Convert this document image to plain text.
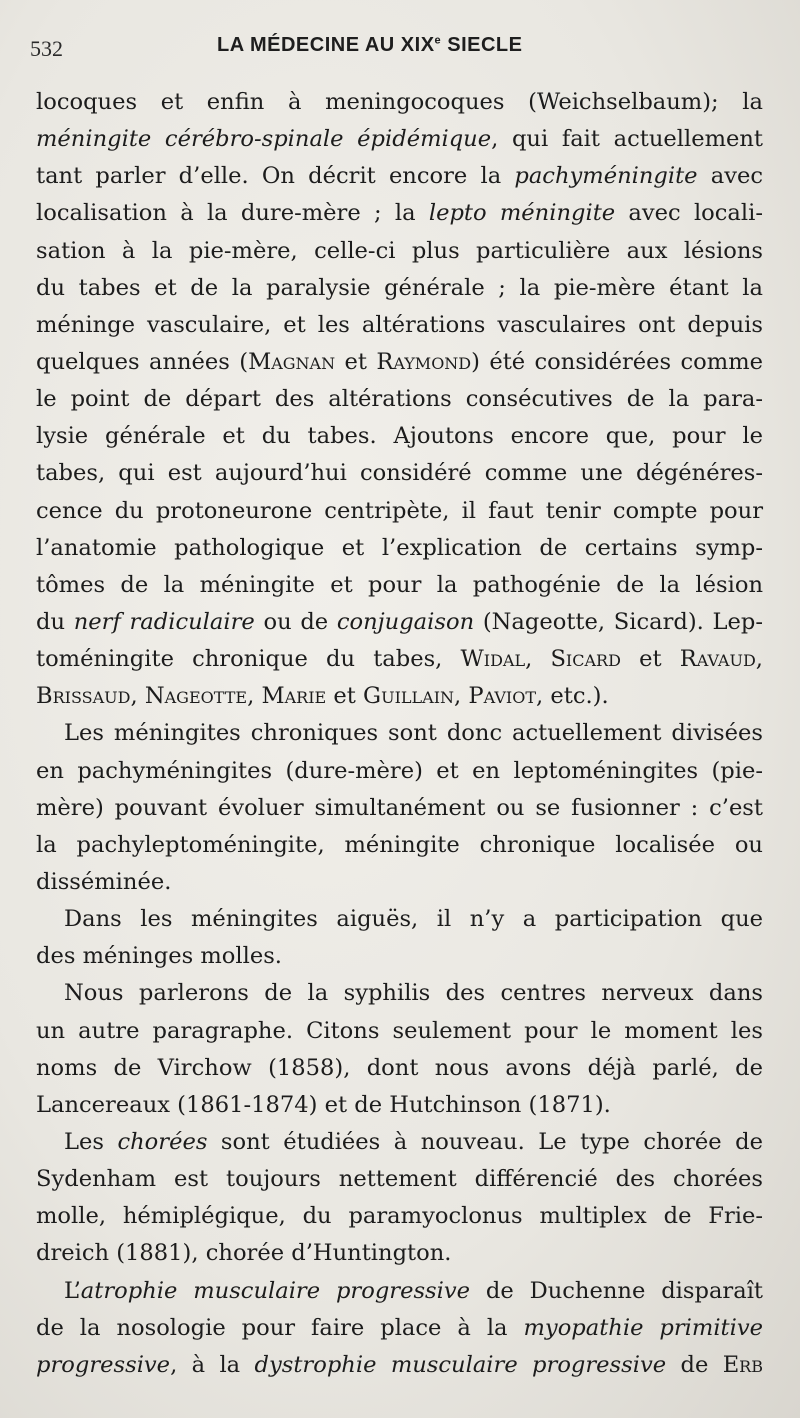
532	LA MÉDECINE AU XIXe SIECLE
locoques et enfin à meningocoques (Weichselbaum); la
méningite cérébro-spinale épidémique, qui fait actuellement
tant parler d’elle. On décrit encore la pachyméningite avec
localisation à la dure-mère ; la lepto méningite avec locali-
sation à la pie-mère, celle-ci plus particulière aux lésions
du tabes et de la paralysie générale ; la pie-mère étant la
méninge vasculaire, et les altérations vasculaires ont depuis
quelques années (Magnan et Raymond) été considérées comme
le point de départ des altérations consécutives de la para-
lysie générale et du tabes. Ajoutons encore que, pour le
tabes, qui est aujourd’hui considéré comme une dégénéres-
cence du protoneurone centripète, il faut tenir compte pour
l’anatomie pathologique et l’explication de certains symp-
tômes de la méningite et pour la pathogénie de la lésion
du nerf radiculaire ou de conjugaison (Nageotte, Sicard). Lep-
toméningite chronique du tabes, Widal, Sicard et Ravaud,
Brissaud, Nageotte, Marie et Guillain, Paviot, etc.).
Les méningites chroniques sont donc actuellement divisées
en pachyméningites (dure-mère) et en leptoméningites (pie-
mère) pouvant évoluer simultanément ou se fusionner : c’est
la pachyleptoméningite, méningite chronique localisée ou
disséminée.
Dans les méningites aiguës, il n’y a participation que
des méninges molles.
Nous parlerons de la syphilis des centres nerveux dans
un autre paragraphe. Citons seulement pour le moment les
noms de Virchow (1858), dont nous avons déjà parlé, de
Lancereaux (1861-1874) et de Hutchinson (1871).
Les chorées sont étudiées à nouveau. Le type chorée de
Sydenham est toujours nettement différencié des chorées
molle, hémiplégique, du paramyoclonus multiplex de Frie-
dreich (1881), chorée d’Huntington.
L’atrophie musculaire progressive de Duchenne disparaît
de la nosologie pour faire place à la myopathie primitive
progressive, à la dystrophie musculaire progressive de Erb
